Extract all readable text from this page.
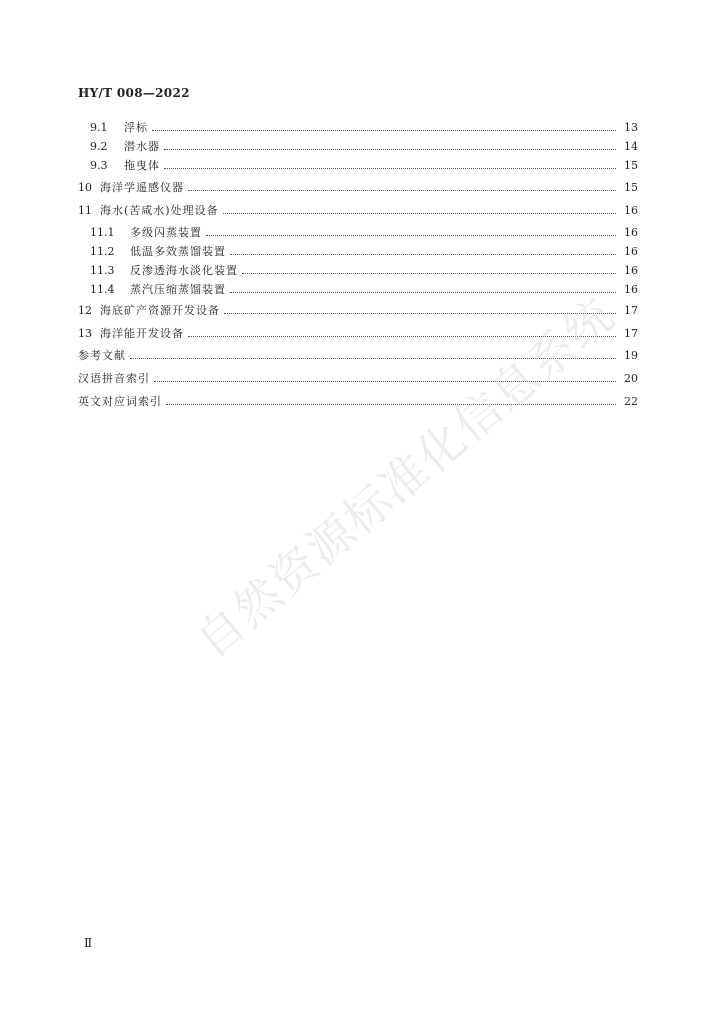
HY/T 008—2022
9.1	浮标	13
9.2	潜水器	14
9.3	拖曳体	15
10 海洋学遥感仪器	15
11 海水(苦咸水)处理设备	16
11.1	多级闪蒸装置	16
11.2	低温多效蒸馏装置	16
11.3	反渗透海水淡化装置	16
11.4	蒸汽压缩蒸馏装置	16
12 海底矿产资源开发设备	17
13 海洋能开发设备	17
参考文献	19
汉语拼音索引	20
英文对应词索引	22
自然资源标准化信息系统
Ⅱ
